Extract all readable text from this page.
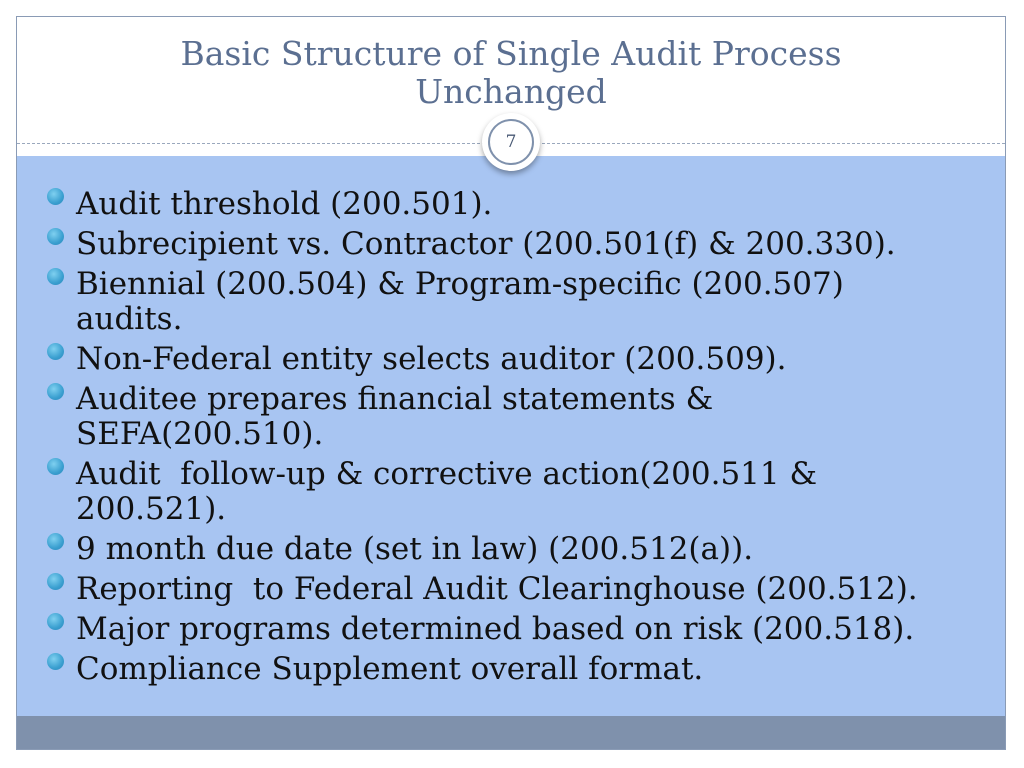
Basic Structure of Single Audit Process
Unchanged
7
Audit threshold (200.501).
Subrecipient vs. Contractor (200.501(f) & 200.330).
Biennial (200.504) & Program-specific (200.507)
audits.
Non-Federal entity selects auditor (200.509).
Auditee prepares financial statements &
SEFA(200.510).
Audit  follow-up & corrective action(200.511 &
200.521).
9 month due date (set in law) (200.512(a)).
Reporting  to Federal Audit Clearinghouse (200.512).
Major programs determined based on risk (200.518).
Compliance Supplement overall format.
